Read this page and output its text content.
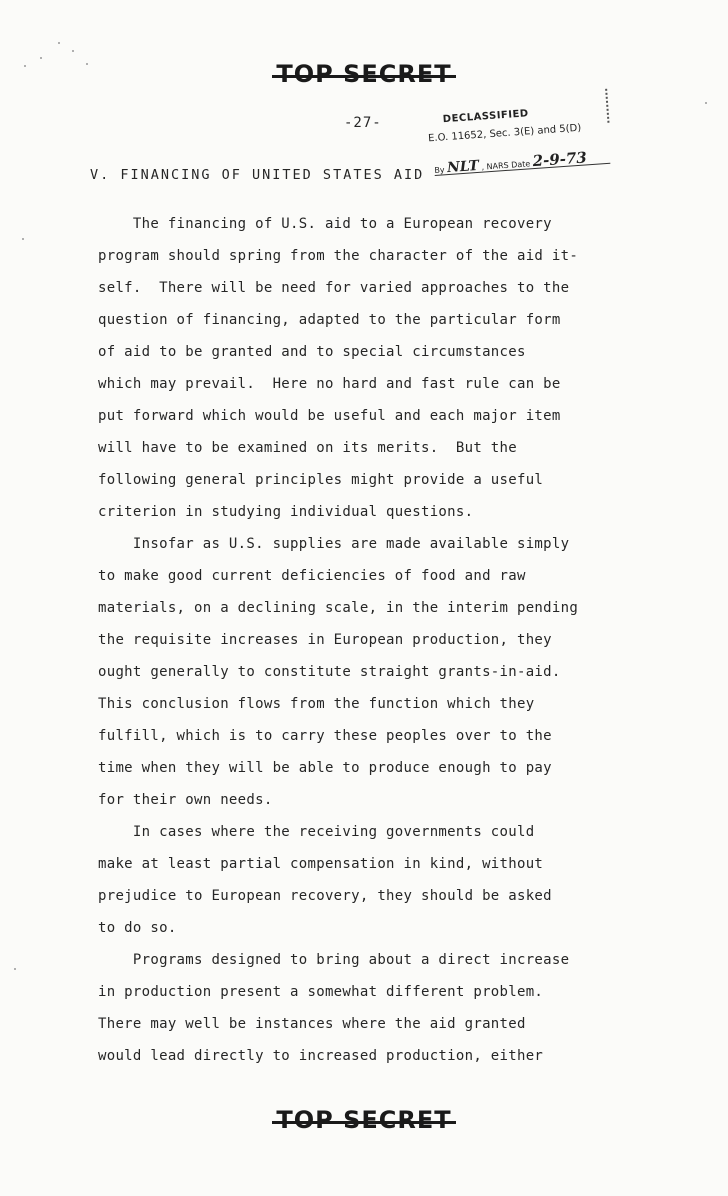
TOP SECRET
-27-	DECLASSIFIED
E.O. 11652, Sec. 3(E) and 5(D)
By NLT , NARS Date 2-9-73
V. FINANCING OF UNITED STATES AID
The financing of U.S. aid to a European recovery
program should spring from the character of the aid it-
self.  There will be need for varied approaches to the
question of financing, adapted to the particular form
of aid to be granted and to special circumstances
which may prevail.  Here no hard and fast rule can be
put forward which would be useful and each major item
will have to be examined on its merits.  But the
following general principles might provide a useful
criterion in studying individual questions.
Insofar as U.S. supplies are made available simply
to make good current deficiencies of food and raw
materials, on a declining scale, in the interim pending
the requisite increases in European production, they
ought generally to constitute straight grants-in-aid.
This conclusion flows from the function which they
fulfill, which is to carry these peoples over to the
time when they will be able to produce enough to pay
for their own needs.
In cases where the receiving governments could
make at least partial compensation in kind, without
prejudice to European recovery, they should be asked
to do so.
Programs designed to bring about a direct increase
in production present a somewhat different problem.
There may well be instances where the aid granted
would lead directly to increased production, either
TOP SECRET
